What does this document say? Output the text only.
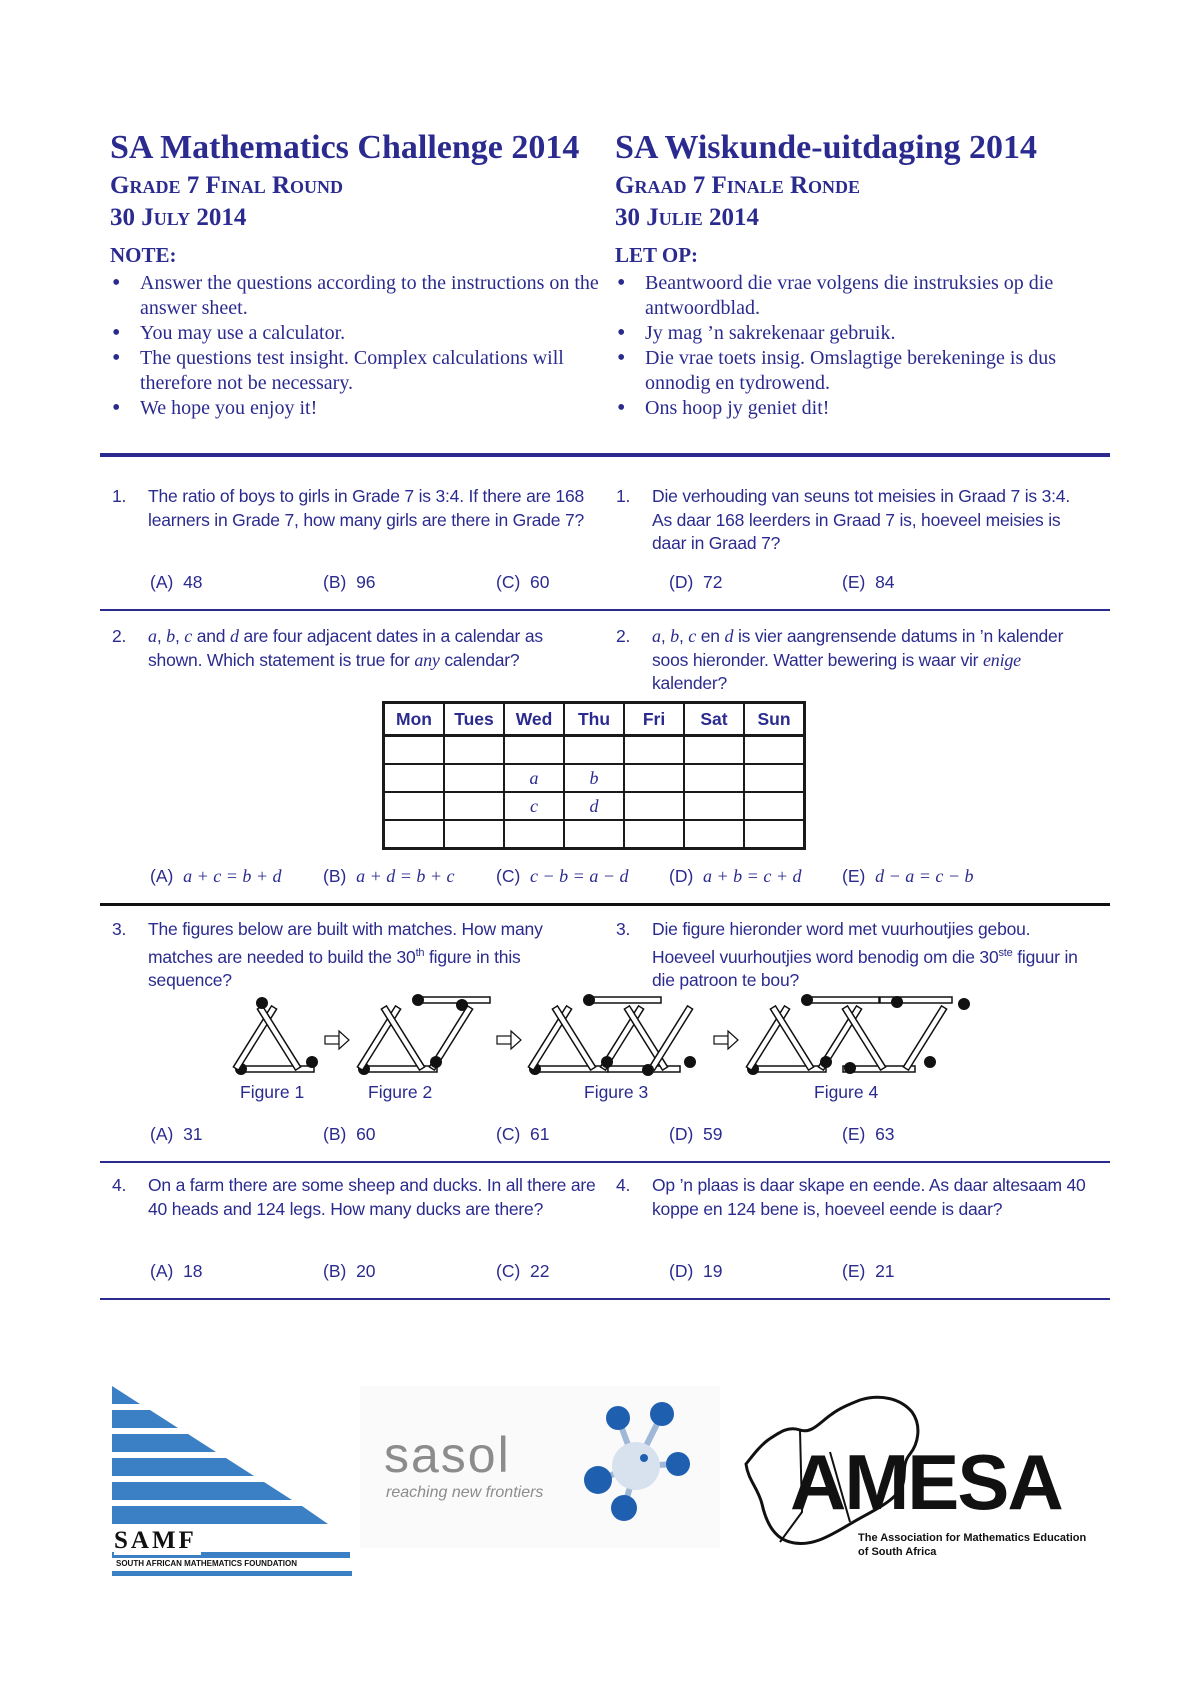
SA Mathematics Challenge 2014
Grade 7 Final Round
30 July 2014
NOTE:
• Answer the questions according to the instructions on the answer sheet.
• You may use a calculator.
• The questions test insight. Complex calculations will therefore not be necessary.
• We hope you enjoy it!
SA Wiskunde-uitdaging 2014
Graad 7 Finale Ronde
30 Julie 2014
LET OP:
• Beantwoord die vrae volgens die instruksies op die antwoordblad.
• Jy mag ’n sakrekenaar gebruik.
• Die vrae toets insig. Omslagtige berekeninge is dus onnodig en tydrowend.
• Ons hoop jy geniet dit!
1.	The ratio of boys to girls in Grade 7 is 3:4. If there are 168 learners in Grade 7, how many girls are there in Grade 7?
1.	Die verhouding van seuns tot meisies in Graad 7 is 3:4. As daar 168 leerders in Graad 7 is, hoeveel meisies is daar in Graad 7?
(A) 48	(B) 96	(C) 60	(D) 72	(E) 84
2.	a, b, c and d are four adjacent dates in a calendar as shown. Which statement is true for any calendar?
2.	a, b, c en d is vier aangrensende datums in ’n kalender soos hieronder. Watter bewering is waar vir enige kalender?
Mon	Tues	Wed	Thu	Fri	Sat	Sun

		a	b			
		c	d			

(A) a + c = b + d (B) a + d = b + c (C) c − b = a − d (D) a + b = c + d (E) d − a = c − b
3.	The figures below are built with matches. How many matches are needed to build the 30th figure in this sequence?
3.	Die figure hieronder word met vuurhoutjies gebou. Hoeveel vuurhoutjies word benodig om die 30ste figuur in die patroon te bou?
Figure 1	Figure 2	Figure 3	Figure 4
(A) 31	(B) 60	(C) 61	(D) 59	(E) 63
4.	On a farm there are some sheep and ducks. In all there are 40 heads and 124 legs. How many ducks are there?
4.	Op ’n plaas is daar skape en eende. As daar altesaam 40 koppe en 124 bene is, hoeveel eende is daar?
(A) 18	(B) 20	(C) 22	(D) 19	(E) 21
SAMF
SOUTH AFRICAN MATHEMATICS FOUNDATION
sasol
reaching new frontiers	AMESA
The Association for Mathematics Education
of South Africa
